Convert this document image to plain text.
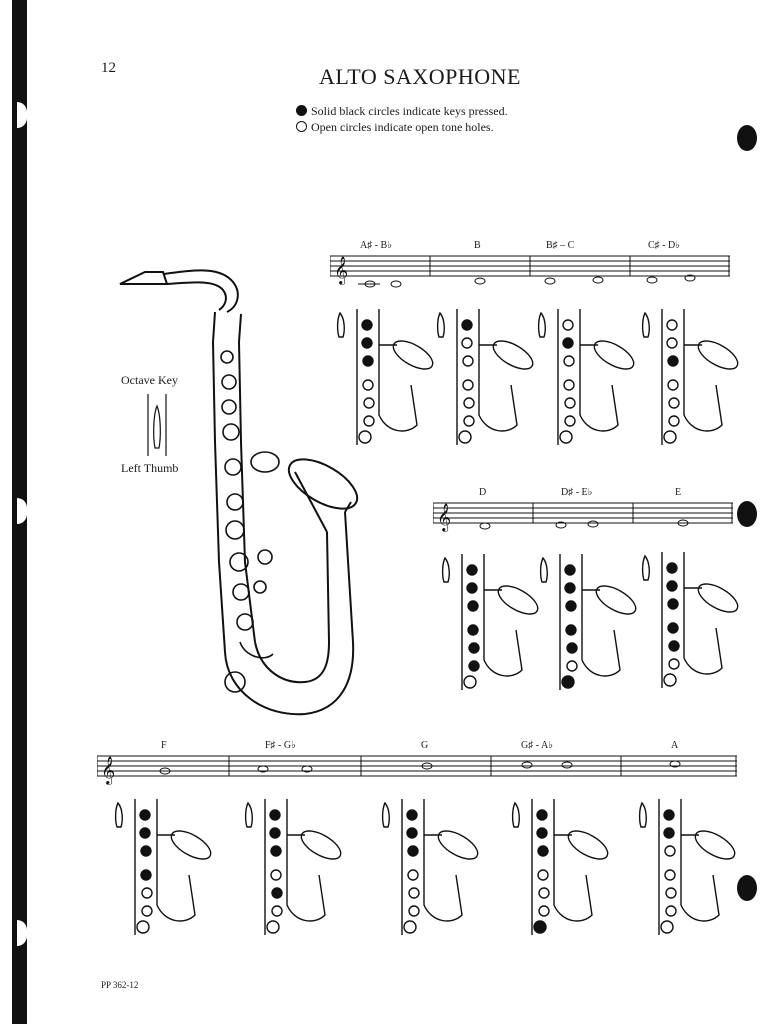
12	ALTO SAXOPHONE
Solid black circles indicate keys pressed.
Open circles indicate open tone holes.
Octave Key
Left Thumb
A♯ - B♭	B	B♯ – C	C♯ - D♭
𝄞
D	D♯ - E♭	E
𝄞
F	F♯ - G♭	G	G♯ - A♭	A
𝄞
PP 362-12
